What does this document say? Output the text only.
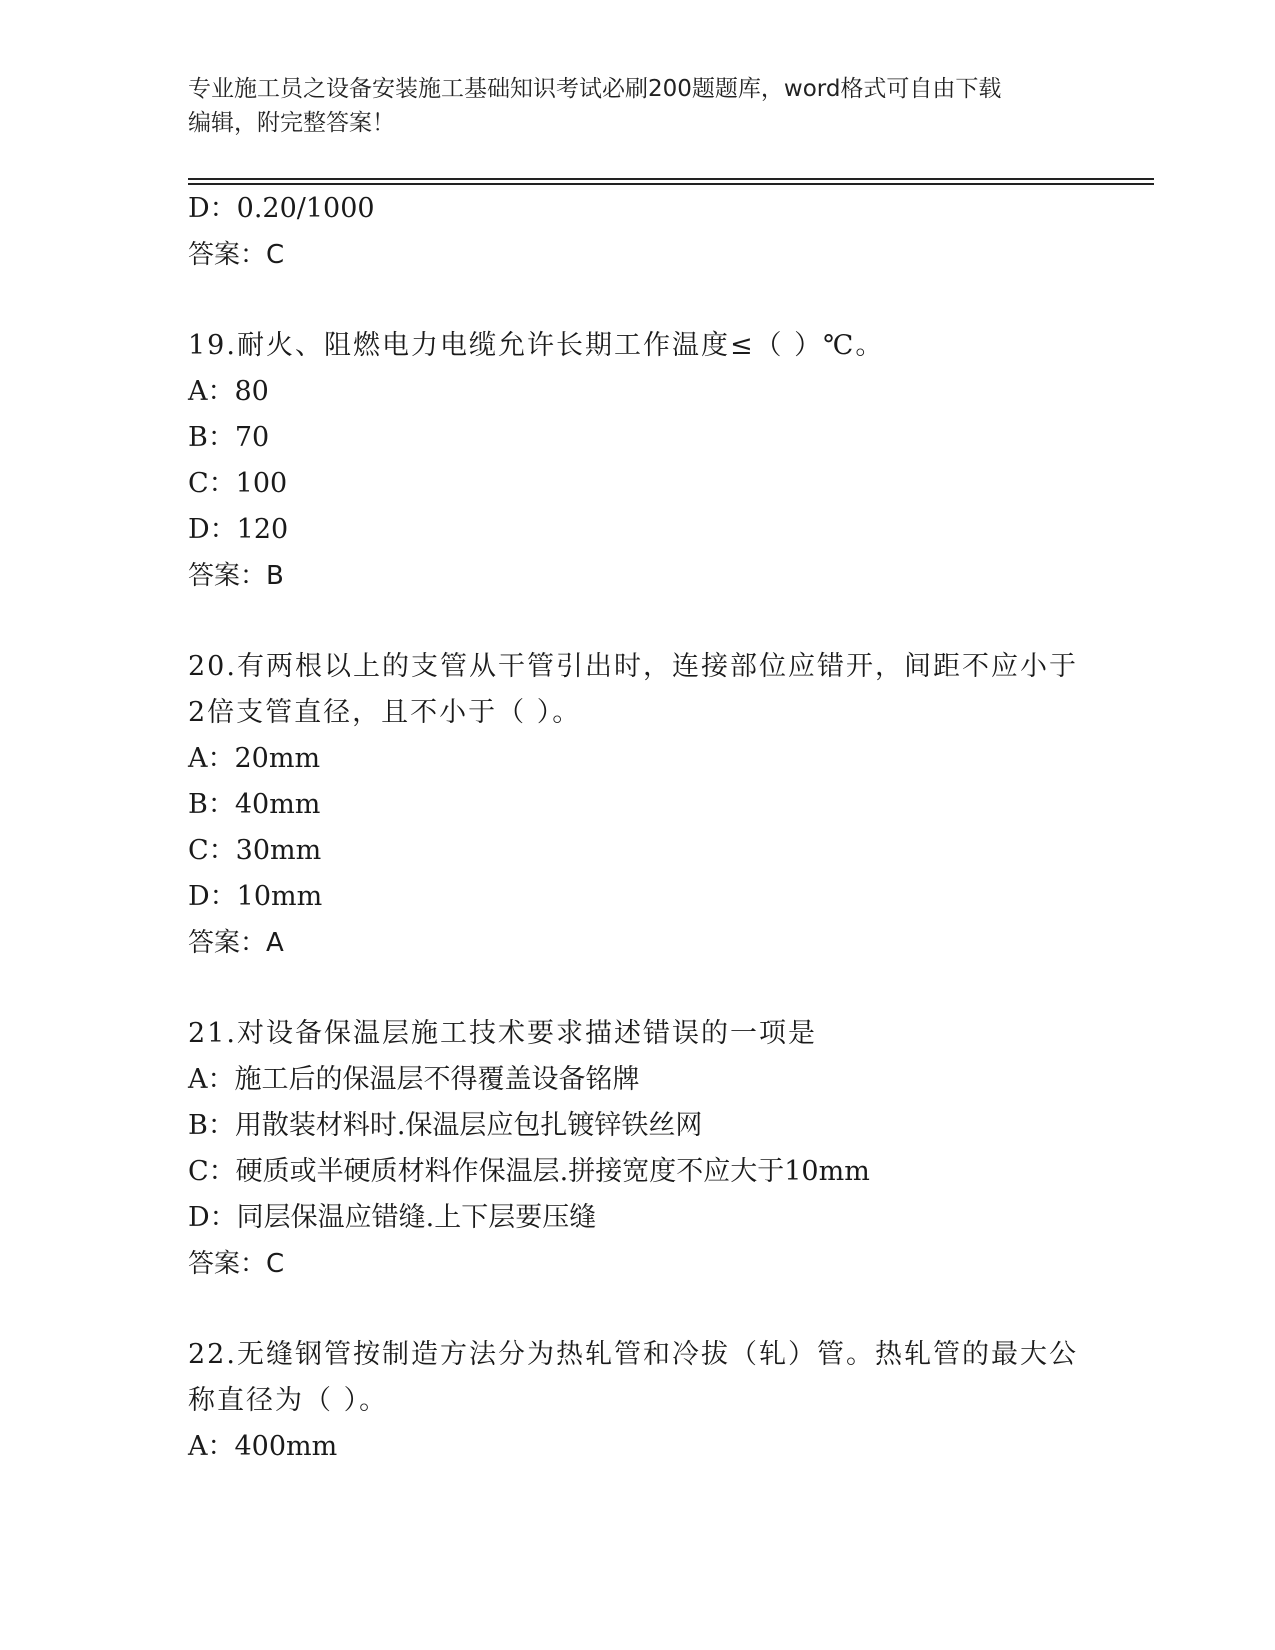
专业施工员之设备安装施工基础知识考试必刷200题题库，word格式可自由下载
编辑，附完整答案！
D：0.20/1000
答案：C
19.耐火、阻燃电力电缆允许长期工作温度≤（ ）℃。
A：80
B：70
C：100
D：120
答案：B
20.有两根以上的支管从干管引出时，连接部位应错开，间距不应小于
2倍支管直径，且不小于（ ）。
A：20mm
B：40mm
C：30mm
D：10mm
答案：A
21.对设备保温层施工技术要求描述错误的一项是
A：施工后的保温层不得覆盖设备铭牌
B：用散装材料时.保温层应包扎镀锌铁丝网
C：硬质或半硬质材料作保温层.拼接宽度不应大于10mm
D：同层保温应错缝.上下层要压缝
答案：C
22.无缝钢管按制造方法分为热轧管和冷拔（轧）管。热轧管的最大公
称直径为（ ）。
A：400mm
